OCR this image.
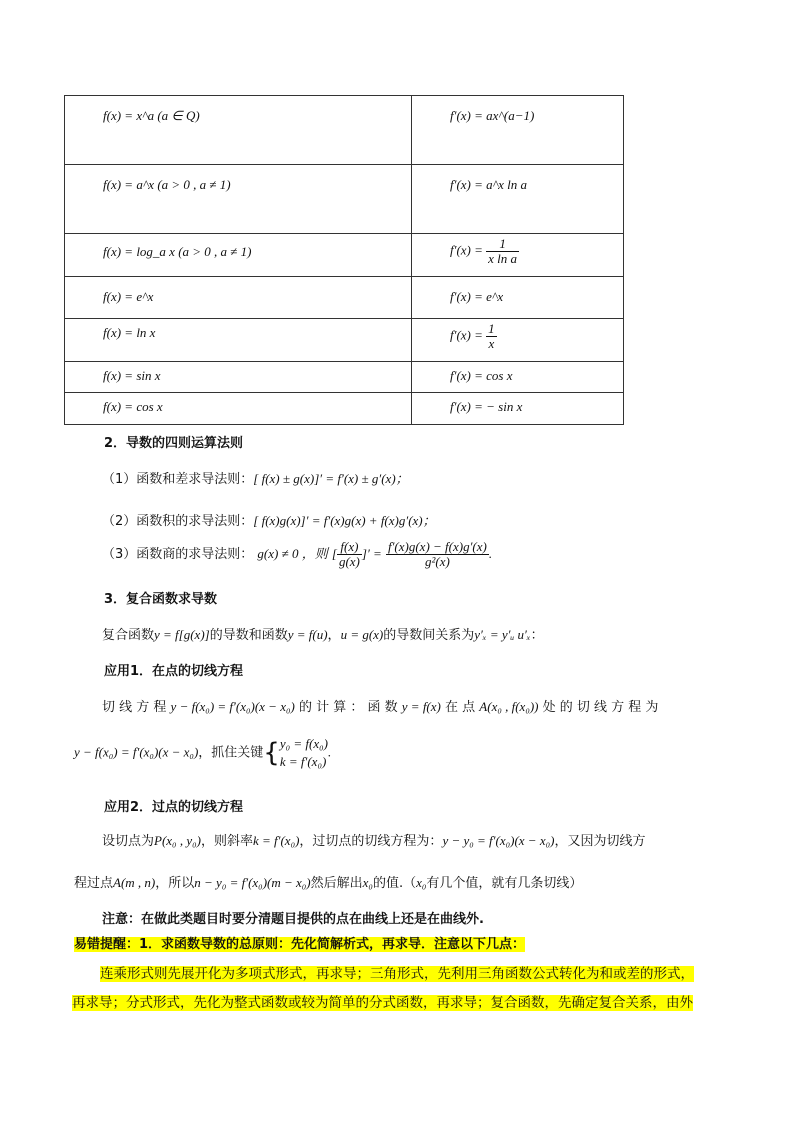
f(x) = x^a (a ∈ Q)	f′(x) = ax^(a−1)

f(x) = a^x (a > 0 , a ≠ 1)	f′(x) = a^x ln a

f(x) = log_a x (a > 0 , a ≠ 1)	$f'(x) = \frac{1}{\text{x ln a}}$

f(x) = e^x	f′(x) = e^x

f(x) = ln x	$f'(x) = \frac{1}{x}$

f(x) = sin x	f′(x) = cos x

f(x) = cos x	f′(x) = − sin x
2．导数的四则运算法则
（1）函数和差求导法则：[ f(x) ± g(x)]′ = f′(x) ± g′(x)；
（2）函数积的求导法则：[ f(x)g(x)]′ = f′(x)g(x) + f(x)g′(x)；
（3）函数商的求导法则： g(x) ≠ 0 ，则 [ $\frac{f(x)}{g(x)}$ ]′ = $\frac{f'(x)g(x) - f(x)g'(x)}{\text{g²(x)}}$ .
3．复合函数求导数
复合函数y = f[g(x)]的导数和函数y = f(u)，u = g(x)的导数间关系为y′ₓ = y′ᵤ u′ₓ：
应用1．在点的切线方程
切 线 方 程 y − f(x₀) = f′(x₀)(x − x₀) 的 计 算 ： 函 数 y = f(x) 在 点 A(x₀ , f(x₀)) 处 的 切 线 方 程 为
y − f(x₀) = f′(x₀)(x − x₀)，抓住关键{ y₀ = f(x₀)
k = f′(x₀)
.
应用2．过点的切线方程
设切点为P(x₀ , y₀)，则斜率k = f′(x₀)，过切点的切线方程为：y − y₀ = f′(x₀)(x − x₀)，又因为切线方
程过点A(m , n)，所以n − y₀ = f′(x₀)(m − x₀)然后解出x₀的值.（x₀有几个值，就有几条切线）
注意：在做此类题目时要分清题目提供的点在曲线上还是在曲线外.
易错提醒：1．求函数导数的总原则：先化简解析式，再求导．注意以下几点：
连乘形式则先展开化为多项式形式，再求导；三角形式，先利用三角函数公式转化为和或差的形式，
再求导；分式形式，先化为整式函数或较为简单的分式函数，再求导；复合函数，先确定复合关系，由外
